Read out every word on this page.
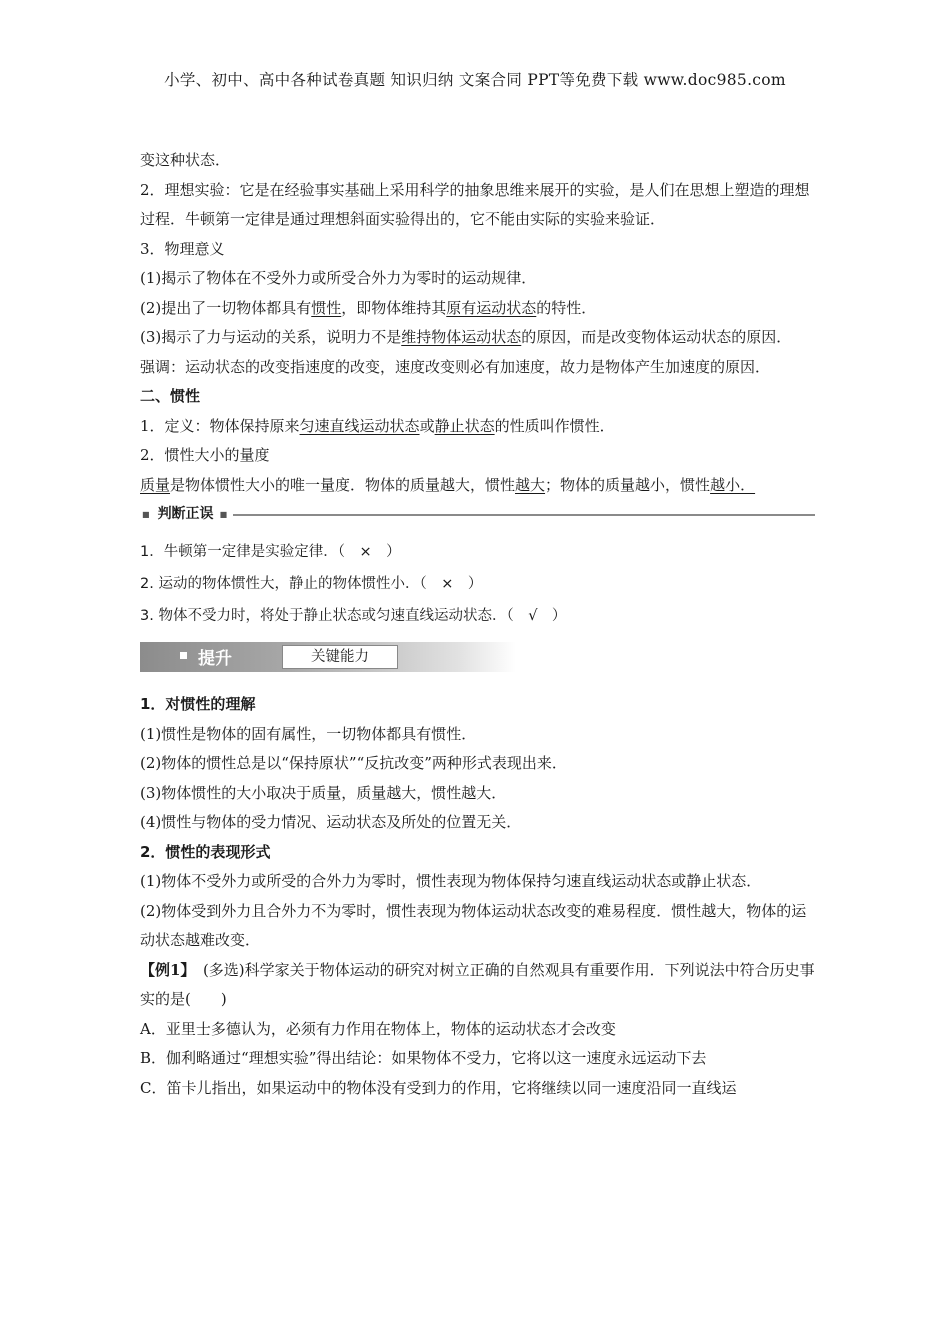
小学、初中、高中各种试卷真题 知识归纳 文案合同 PPT等免费下载 www.doc985.com

变这种状态．

2．理想实验：它是在经验事实基础上采用科学的抽象思维来展开的实验，是人们在思想上塑造的理想过程．牛顿第一定律是通过理想斜面实验得出的，它不能由实际的实验来验证．

3．物理意义

(1)揭示了物体在不受外力或所受合外力为零时的运动规律．

(2)提出了一切物体都具有惯性，即物体维持其原有运动状态的特性．

(3)揭示了力与运动的关系，说明力不是维持物体运动状态的原因，而是改变物体运动状态的原因．

强调：运动状态的改变指速度的改变，速度改变则必有加速度，故力是物体产生加速度的原因．

二、惯性

1．定义：物体保持原来匀速直线运动状态或静止状态的性质叫作惯性．

2．惯性大小的量度

质量是物体惯性大小的唯一量度．物体的质量越大，惯性越大；物体的质量越小，惯性越小．

■ 判断正误 ■

1．牛顿第一定律是实验定律．（　×　）

2. 运动的物体惯性大，静止的物体惯性小．（　×　）

3. 物体不受力时，将处于静止状态或匀速直线运动状态．（　√　）

提升	关键能力

1．对惯性的理解

(1)惯性是物体的固有属性，一切物体都具有惯性．

(2)物体的惯性总是以“保持原状”“反抗改变”两种形式表现出来．

(3)物体惯性的大小取决于质量，质量越大，惯性越大．

(4)惯性与物体的受力情况、运动状态及所处的位置无关．

2．惯性的表现形式

(1)物体不受外力或所受的合外力为零时，惯性表现为物体保持匀速直线运动状态或静止状态．

(2)物体受到外力且合外力不为零时，惯性表现为物体运动状态改变的难易程度．惯性越大，物体的运动状态越难改变．

【例1】　(多选)科学家关于物体运动的研究对树立正确的自然观具有重要作用．下列说法中符合历史事实的是(　　)

A．亚里士多德认为，必须有力作用在物体上，物体的运动状态才会改变

B．伽利略通过“理想实验”得出结论：如果物体不受力，它将以这一速度永远运动下去

C．笛卡儿指出，如果运动中的物体没有受到力的作用，它将继续以同一速度沿同一直线运
